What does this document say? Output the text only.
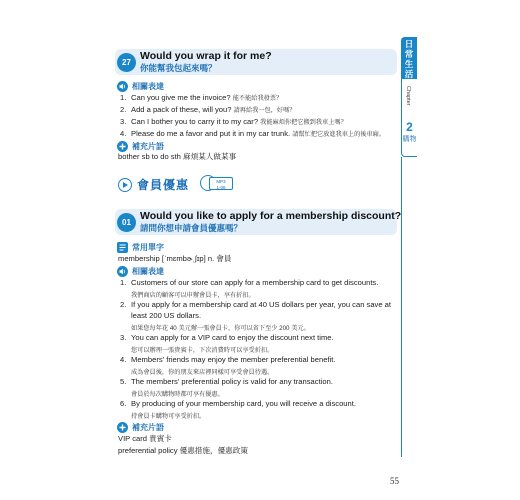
27
Would you wrap it for me?
你能幫我包起來嗎？
相關表達
1. Can you give me the invoice? 能不能給我發票？
2. Add a pack of these, will you? 請再給我一包，好嗎？
3. Can I bother you to carry it to my car? 我能麻煩你把它搬到我車上嗎？
4. Please do me a favor and put it in my car trunk. 請幫忙把它放進我車上的後車廂。
補充片語
bother sb to do sth 麻煩某人做某事
日常生活
Chapter
2
購物
會員優惠	MP3
1-06
01
Would you like to apply for a membership discount?
請問你想申請會員優惠嗎？
常用單字
membership [ˈmɛmbɚˌʃɪp] n. 會員
相關表達
1. Customers of our store can apply for a membership card to get discounts.
我們商店的顧客可以申辦會員卡，享有折扣。
2. If you apply for a membership card at 40 US dollars per year, you can save at
least 200 US dollars.
如果您每年花 40 美元辦一張會員卡，你可以省下至少 200 美元。
3. You can apply for a VIP card to enjoy the discount next time.
您可以辦理一張貴賓卡，下次消費時可以享受折扣。
4. Members' friends may enjoy the member preferential benefit.
成為會員後，你的朋友來店裡同樣可享受會員待遇。
5. The members' preferential policy is valid for any transaction.
會員於每次購物時都可享有優惠。
6. By producing of your membership card, you will receive a discount.
持會員卡購物可享受折扣。
補充片語
VIP card 貴賓卡
preferential policy 優惠措施，優惠政策
55
